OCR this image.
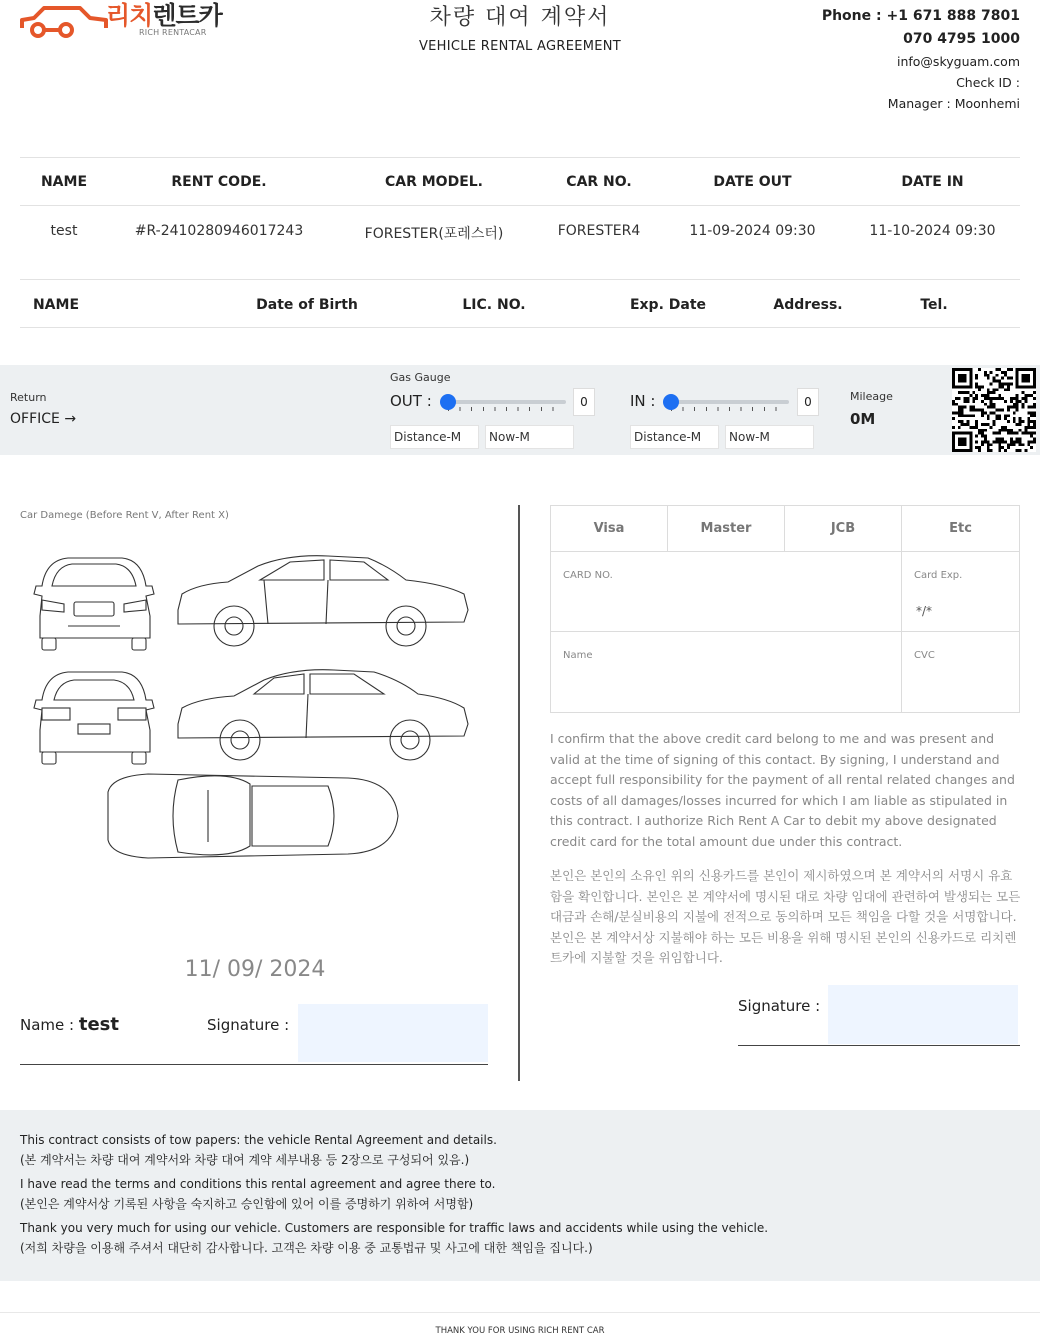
리치렌트카
RICH RENTACAR
차량 대여 계약서
VEHICLE RENTAL AGREEMENT
Phone : +1 671 888 7801
070 4795 1000
info@skyguam.com
Check ID :
Manager : Moonhemi
NAME	RENT CODE.	CAR MODEL.	CAR NO.	DATE OUT	DATE IN
test	#R-2410280946017243	FORESTER(포레스터)	FORESTER4	11-09-2024 09:30	11-10-2024 09:30
NAME	Date of Birth	LIC. NO.	Exp. Date	Address.	Tel.
Return
OFFICE →
Gas Gauge
OUT :	0	IN :	0
Distance-M	Now-M	Distance-M	Now-M
Mileage
0M
Car Damege (Before Rent V, After Rent X)
11/ 09/ 2024
Name : test	Signature :
Visa	Master	JCB	Etc
CARD NO.	Card Exp.
*/*
Name	CVC
I confirm that the above credit card belong to me and was present and valid at the time of signing of this contact. By signing, I understand and accept full responsibility for the payment of all rental related changes and costs of all damages/losses incurred for which I am liable as stipulated in this contract. I authorize Rich Rent A Car to debit my above designated credit card for the total amount due under this contract.
본인은 본인의 소유인 위의 신용카드를 본인이 제시하였으며 본 계약서의 서명시 유효함을 확인합니다. 본인은 본 계약서에 명시된 대로 차량 임대에 관련하여 발생되는 모든 대금과 손해/분실비용의 지불에 전적으로 동의하며 모든 책임을 다할 것을 서명합니다. 본인은 본 계약서상 지불해야 하는 모든 비용을 위해 명시된 본인의 신용카드로 리치렌트카에 지불할 것을 위임합니다.
Signature :

This contract consists of tow papers: the vehicle Rental Agreement and details.

(본 계약서는 차량 대여 계약서와 차량 대여 계약 세부내용 등 2장으로 구성되어 있음.)

I have read the terms and conditions this rental agreement and agree there to.

(본인은 계약서상 기록된 사항을 숙지하고 승인함에 있어 이를 증명하기 위하여 서명함)

Thank you very much for using our vehicle. Customers are responsible for traffic laws and accidents while using the vehicle.

(저희 차량을 이용해 주셔서 대단히 감사합니다. 고객은 차량 이용 중 교통법규 및 사고에 대한 책임을 집니다.)

THANK YOU FOR USING RICH RENT CAR
